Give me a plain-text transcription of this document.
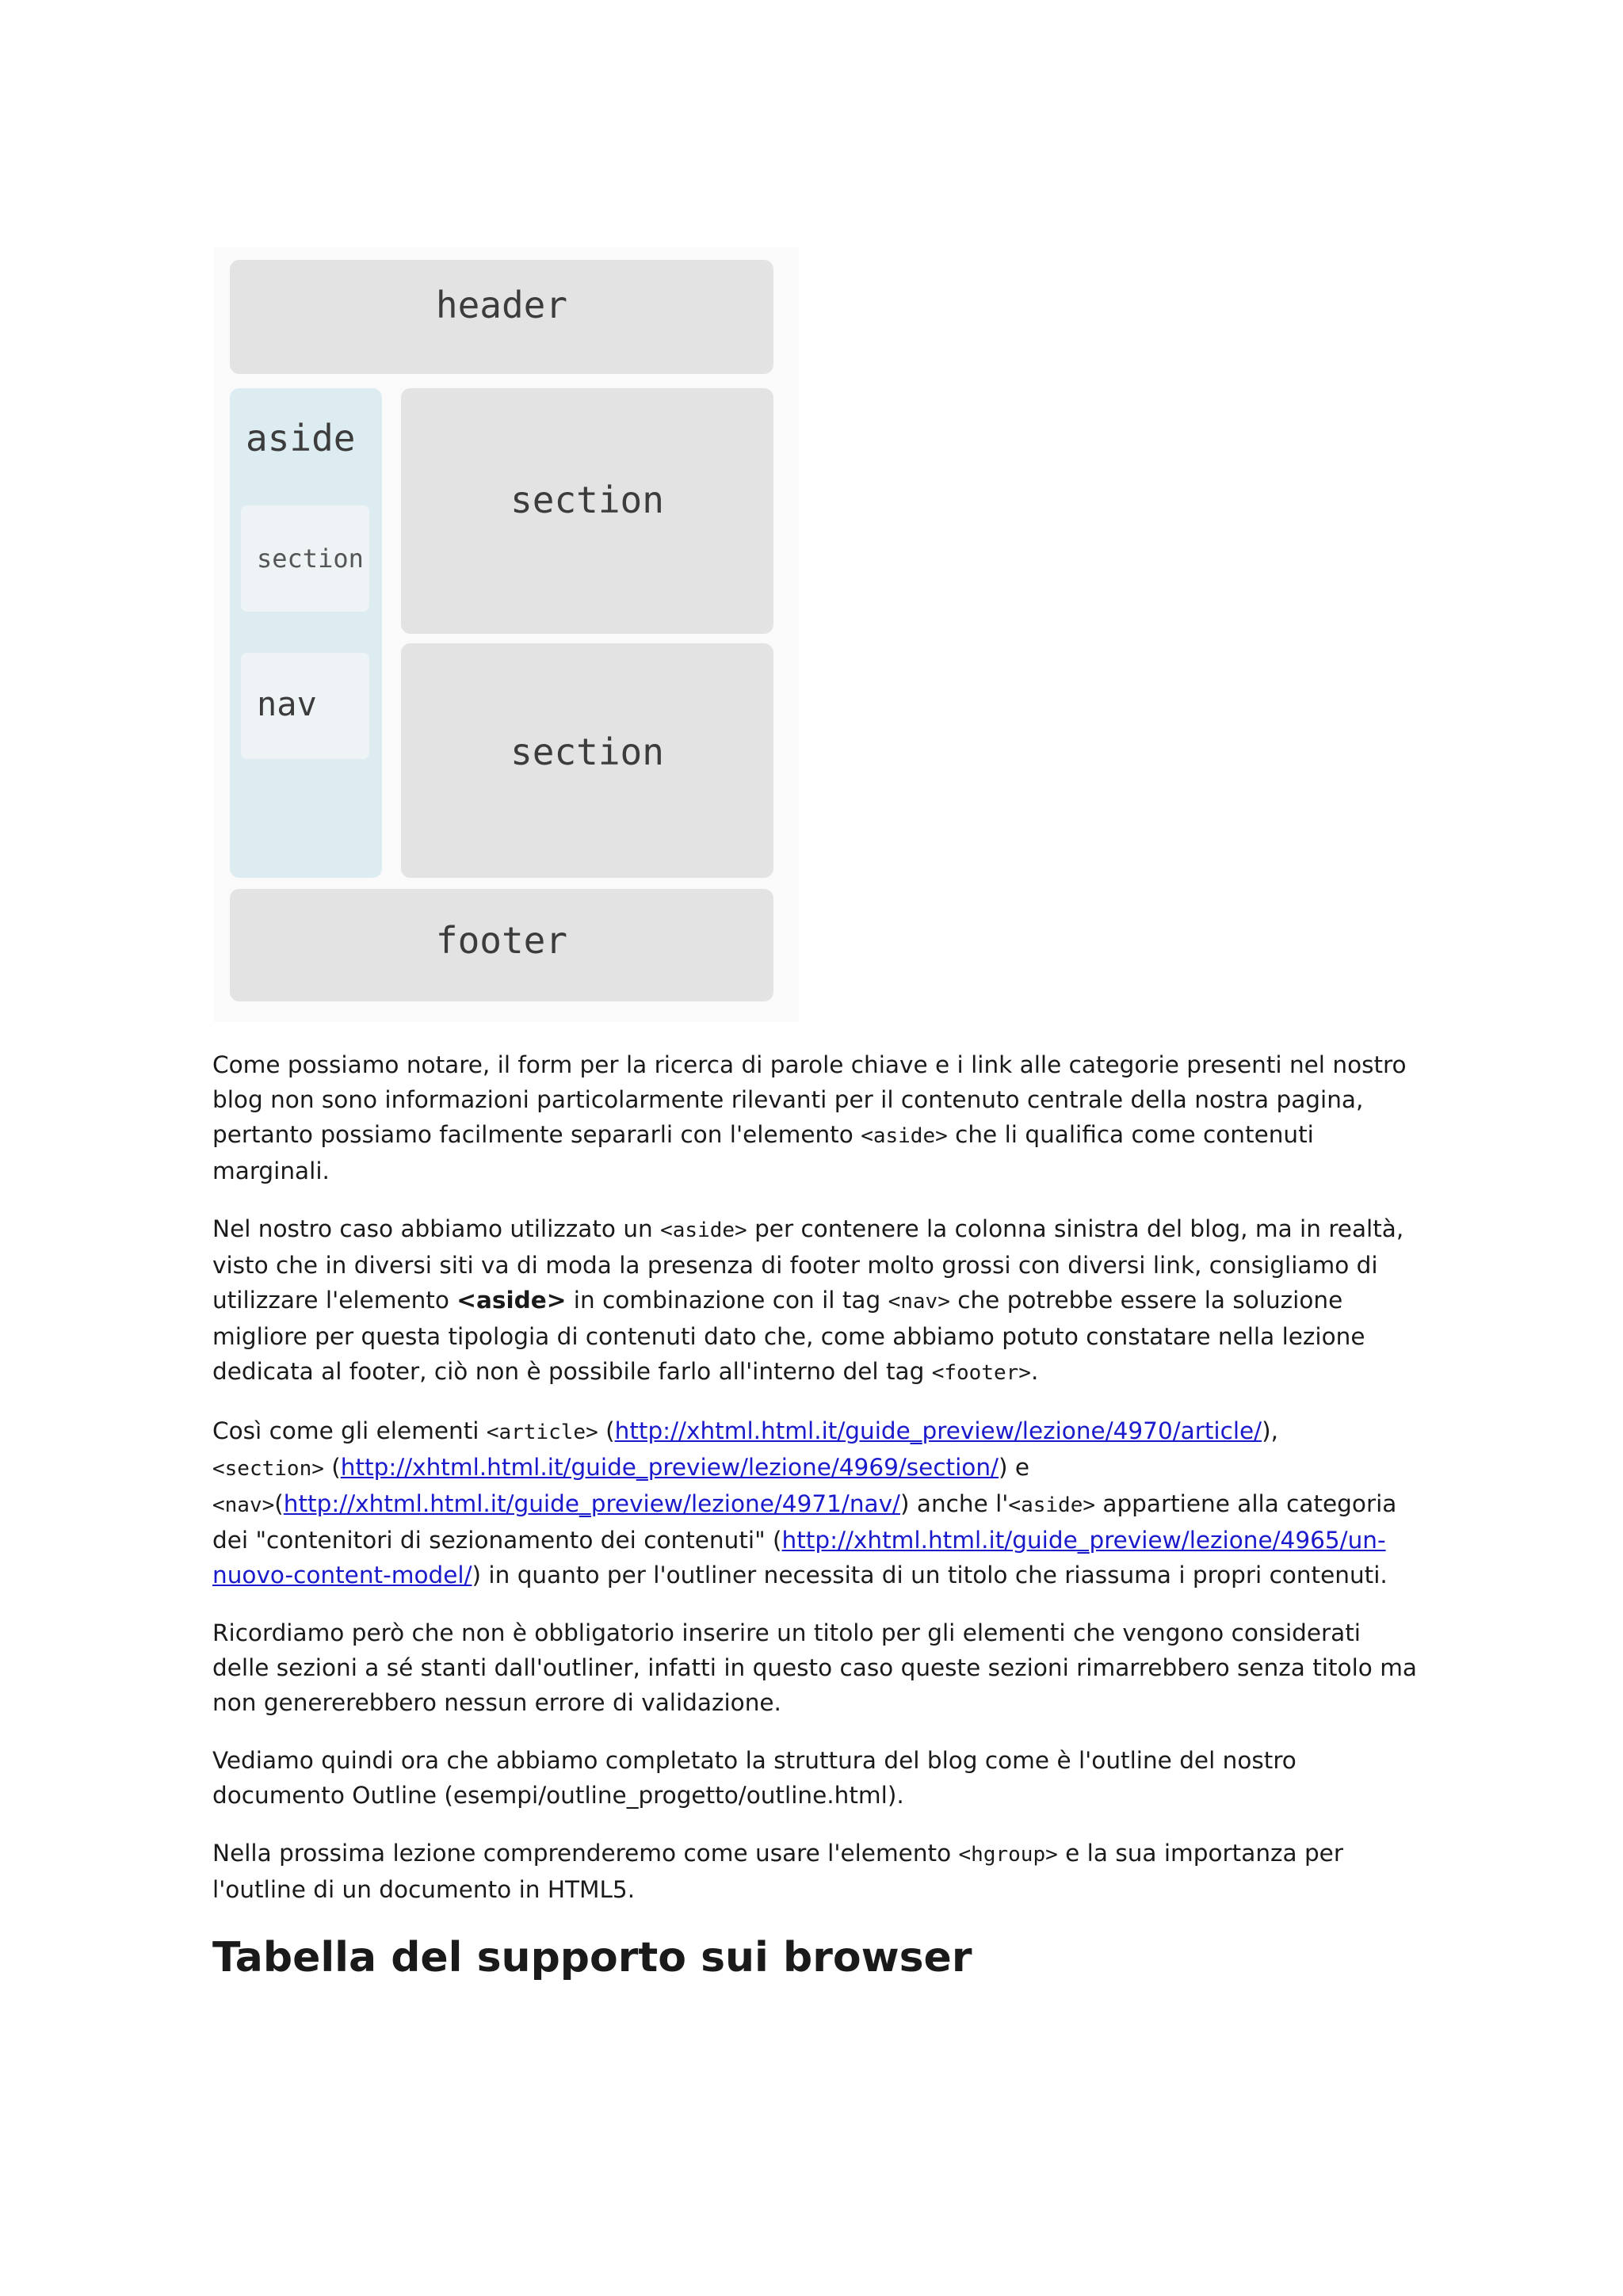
header
aside
section
nav
section
section
footer

Come possiamo notare, il form per la ricerca di parole chiave e i link alle categorie presenti nel nostro blog non sono informazioni particolarmente rilevanti per il contenuto centrale della nostra pagina, pertanto possiamo facilmente separarli con l'elemento <aside> che li qualifica come contenuti marginali.

Nel nostro caso abbiamo utilizzato un <aside> per contenere la colonna sinistra del blog, ma in realtà, visto che in diversi siti va di moda la presenza di footer molto grossi con diversi link, consigliamo di utilizzare l'elemento <aside> in combinazione con il tag <nav> che potrebbe essere la soluzione migliore per questa tipologia di contenuti dato che, come abbiamo potuto constatare nella lezione dedicata al footer, ciò non è possibile farlo all'interno del tag <footer>.

Così come gli elementi <article> (http://xhtml.html.it/guide_preview/lezione/4970/article/),
<section> (http://xhtml.html.it/guide_preview/lezione/4969/section/) e
<nav>(http://xhtml.html.it/guide_preview/lezione/4971/nav/) anche l'<aside> appartiene alla categoria dei "contenitori di sezionamento dei contenuti" (http://xhtml.html.it/guide_preview/lezione/4965/un-nuovo-content-model/) in quanto per l'outliner necessita di un titolo che riassuma i propri contenuti.

Ricordiamo però che non è obbligatorio inserire un titolo per gli elementi che vengono considerati delle sezioni a sé stanti dall'outliner, infatti in questo caso queste sezioni rimarrebbero senza titolo ma non genererebbero nessun errore di validazione.

Vediamo quindi ora che abbiamo completato la struttura del blog come è l'outline del nostro documento Outline (esempi/outline_progetto/outline.html).

Nella prossima lezione comprenderemo come usare l'elemento <hgroup> e la sua importanza per l'outline di un documento in HTML5.

Tabella del supporto sui browser
